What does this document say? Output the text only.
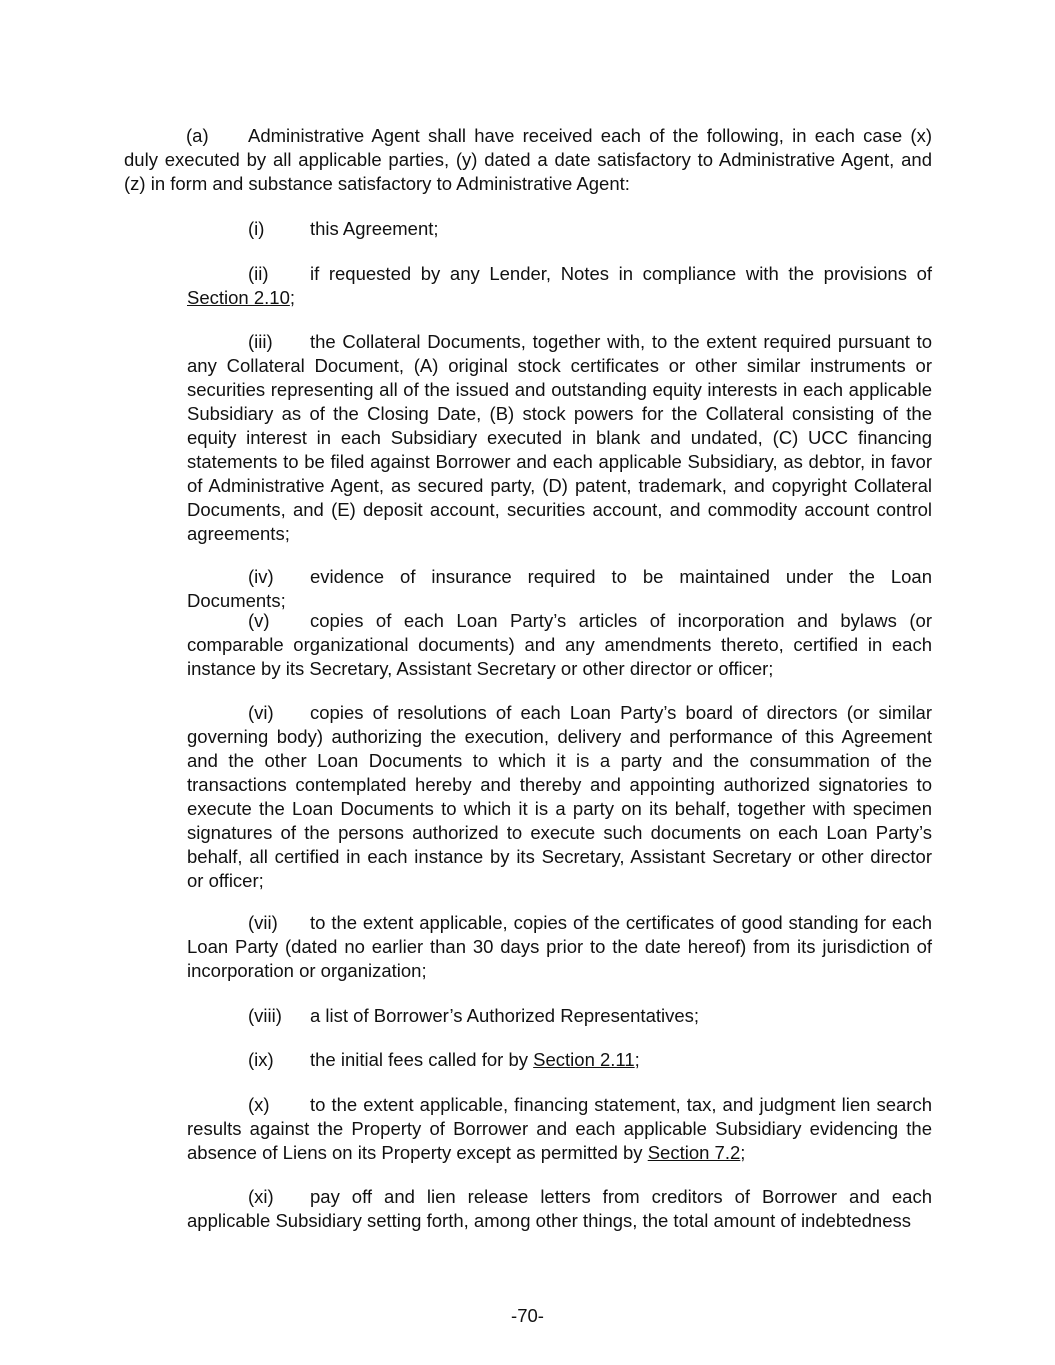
(a) Administrative Agent shall have received each of the following, in each case (x) duly executed by all applicable parties, (y) dated a date satisfactory to Administrative Agent, and (z) in form and substance satisfactory to Administrative Agent:

(i) this Agreement;

(ii) if requested by any Lender, Notes in compliance with the provisions of Section 2.10;

(iii) the Collateral Documents, together with, to the extent required pursuant to any Collateral Document, (A) original stock certificates or other similar instruments or securities representing all of the issued and outstanding equity interests in each applicable Subsidiary as of the Closing Date, (B) stock powers for the Collateral consisting of the equity interest in each Subsidiary executed in blank and undated, (C) UCC financing statements to be filed against Borrower and each applicable Subsidiary, as debtor, in favor of Administrative Agent, as secured party, (D) patent, trademark, and copyright Collateral Documents, and (E) deposit account, securities account, and commodity account control agreements;

(iv) evidence of insurance required to be maintained under the Loan Documents;

(v) copies of each Loan Party’s articles of incorporation and bylaws (or comparable organizational documents) and any amendments thereto, certified in each instance by its Secretary, Assistant Secretary or other director or officer;

(vi) copies of resolutions of each Loan Party’s board of directors (or similar governing body) authorizing the execution, delivery and performance of this Agreement and the other Loan Documents to which it is a party and the consummation of the transactions contemplated hereby and thereby and appointing authorized signatories to execute the Loan Documents to which it is a party on its behalf, together with specimen signatures of the persons authorized to execute such documents on each Loan Party’s behalf, all certified in each instance by its Secretary, Assistant Secretary or other director or officer;

(vii) to the extent applicable, copies of the certificates of good standing for each Loan Party (dated no earlier than 30 days prior to the date hereof) from its jurisdiction of incorporation or organization;

(viii) a list of Borrower’s Authorized Representatives;

(ix) the initial fees called for by Section 2.11;

(x) to the extent applicable, financing statement, tax, and judgment lien search results against the Property of Borrower and each applicable Subsidiary evidencing the absence of Liens on its Property except as permitted by Section 7.2;

(xi) pay off and lien release letters from creditors of Borrower and each applicable Subsidiary setting forth, among other things, the total amount of indebtedness

-70-
